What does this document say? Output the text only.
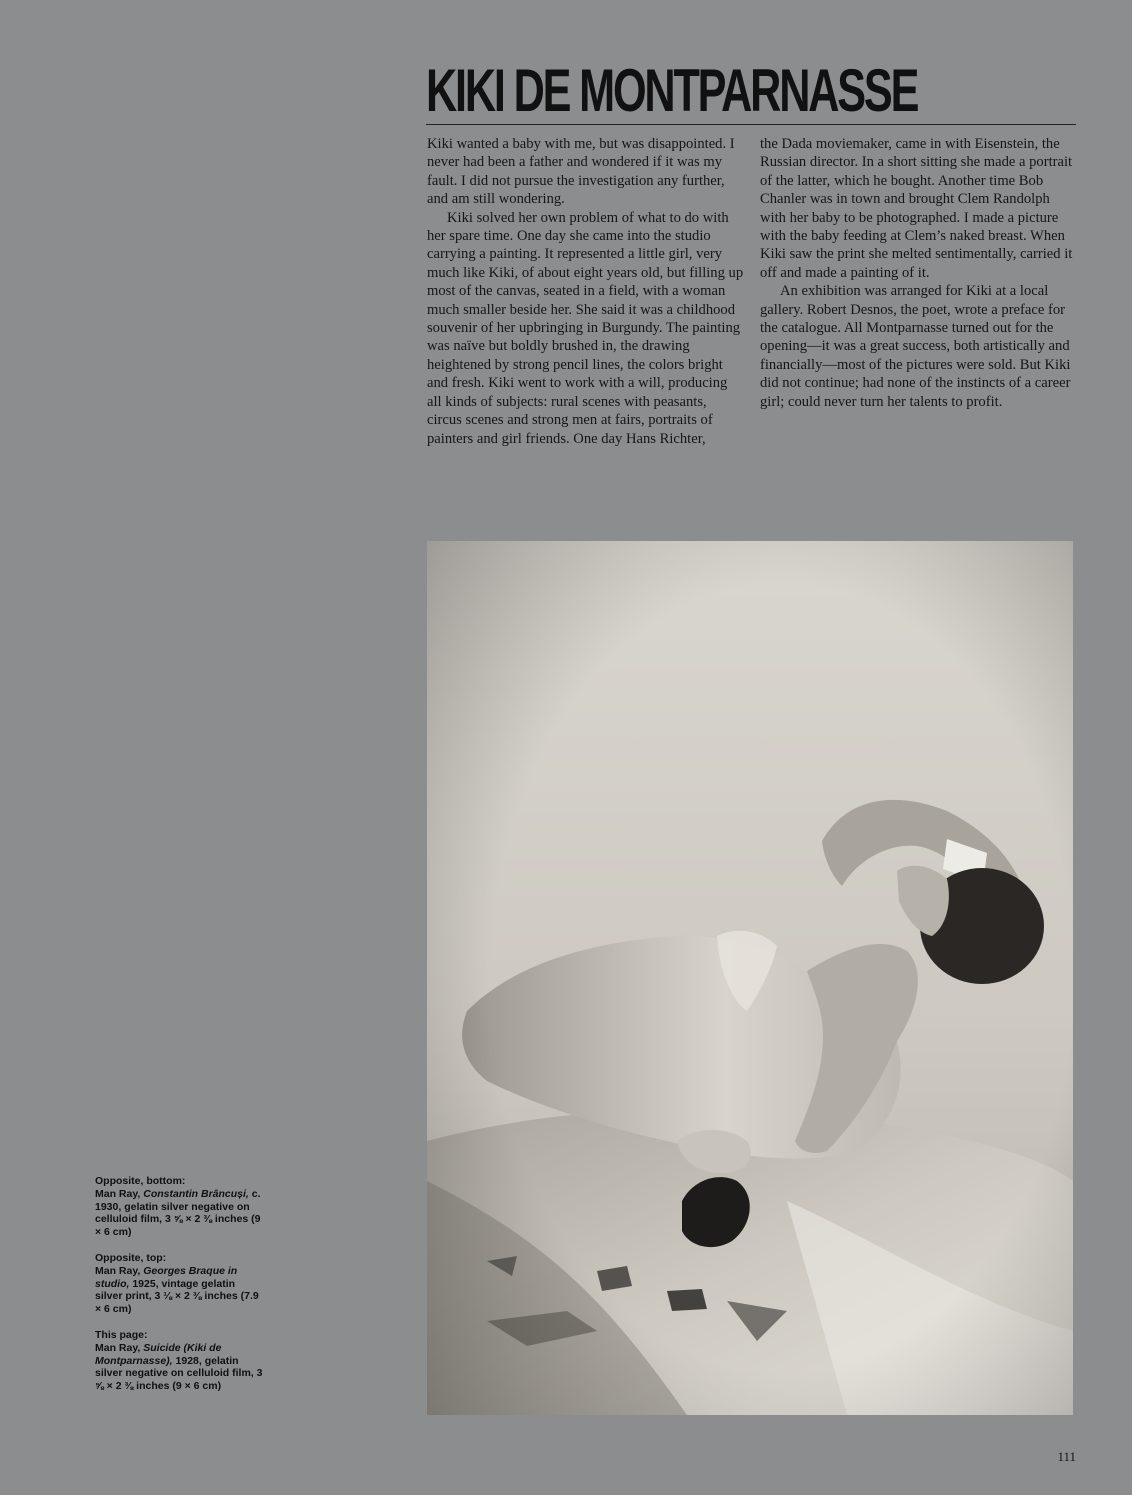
KIKI DE MONTPARNASSE

Kiki wanted a baby with me, but was disappointed. I never had been a father and wondered if it was my fault. I did not pursue the investigation any further, and am still wondering.

Kiki solved her own problem of what to do with her spare time. One day she came into the studio carrying a painting. It represented a little girl, very much like Kiki, of about eight years old, but filling up most of the canvas, seated in a field, with a woman much smaller beside her. She said it was a childhood souvenir of her upbringing in Burgundy. The painting was naïve but boldly brushed in, the drawing heightened by strong pencil lines, the colors bright and fresh. Kiki went to work with a will, producing all kinds of subjects: rural scenes with peasants, circus scenes and strong men at fairs, portraits of painters and girl friends. One day Hans Richter,

the Dada moviemaker, came in with Eisenstein, the Russian director. In a short sitting she made a portrait of the latter, which he bought. Another time Bob Chanler was in town and brought Clem Randolph with her baby to be photographed. I made a picture with the baby feeding at Clem’s naked breast. When Kiki saw the print she melted sentimentally, carried it off and made a painting of it.

An exhibition was arranged for Kiki at a local gallery. Robert Desnos, the poet, wrote a preface for the catalogue. All Montparnasse turned out for the opening—it was a great success, both artistically and financially—most of the pictures were sold. But Kiki did not continue; had none of the instincts of a career girl; could never turn her talents to profit.

Opposite, bottom:
Man Ray, Constantin Brâncuși, c. 1930, gelatin silver negative on celluloid film, 3 ⅝ × 2 ⅜ inches (9 × 6 cm)
Opposite, top:
Man Ray, Georges Braque in studio, 1925, vintage gelatin silver print, 3 ⅛ × 2 ⅜ inches (7.9 × 6 cm)
This page:
Man Ray, Suicide (Kiki de Montparnasse), 1928, gelatin silver negative on celluloid film, 3 ⅝ × 2 ⅜ inches (9 × 6 cm)
111
